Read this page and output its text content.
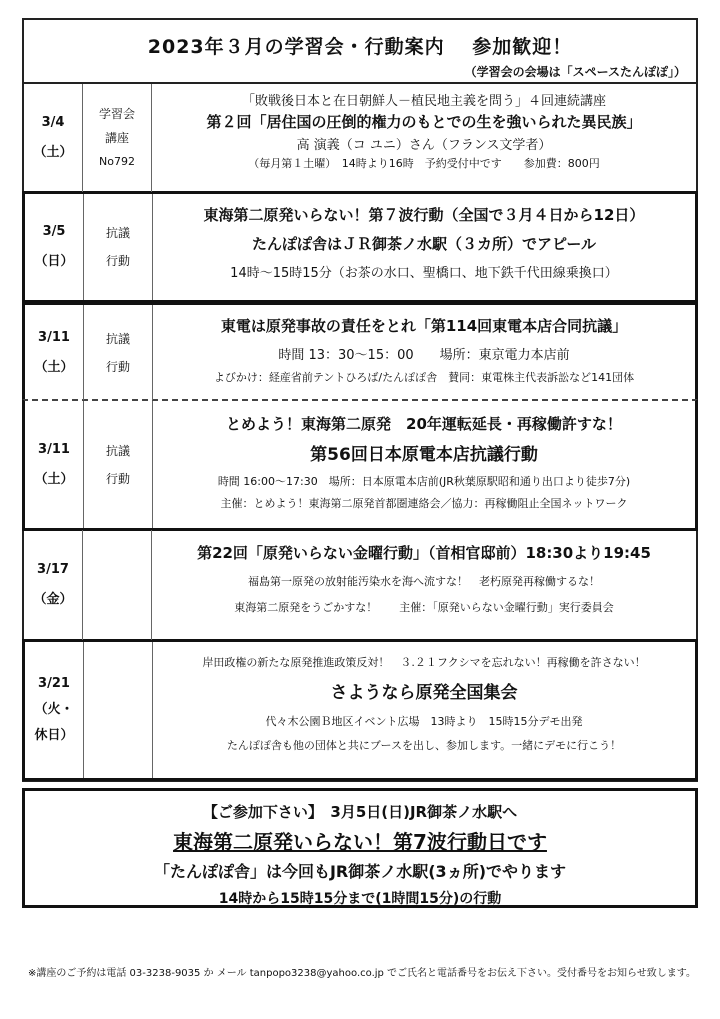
2023年３月の学習会・行動案内　 参加歓迎！
（学習会の会場は「スペースたんぽぽ」）
3/4
（土）
学習会
講座
No792
「敗戦後日本と在日朝鮮人－植民地主義を問う」４回連続講座
第２回「居住国の圧倒的権力のもとでの生を強いられた異民族」
高 演義（コ ユニ）さん（フランス文学者）
（毎月第１土曜）　14時より16時　予約受付中です　　参加費：800円
3/5
（日）
抗議
行動
東海第二原発いらない！第７波行動（全国で３月４日から12日）
たんぽぽ舎はＪＲ御茶ノ水駅（３カ所）でアピール
14時～15時15分（お茶の水口、聖橋口、地下鉄千代田線乗換口）
3/11
（土）
抗議
行動
東電は原発事故の責任をとれ「第114回東電本店合同抗議」
時間 13：30～15：00　　場所：東京電力本店前
よびかけ：経産省前テントひろば/たんぽぽ舎　賛同：東電株主代表訴訟など141団体
3/11
（土）
抗議
行動
とめよう！東海第二原発　20年運転延長・再稼働許すな！
第56回日本原電本店抗議行動
時間 16:00～17:30　場所：日本原電本店前(JR秋葉原駅昭和通り出口より徒歩7分)
主催：とめよう！東海第二原発首都圏連絡会／協力：再稼働阻止全国ネットワーク
3/17
（金）
第22回「原発いらない金曜行動」（首相官邸前）18:30より19:45
福島第一原発の放射能汚染水を海へ流すな！　老朽原発再稼働するな！
東海第二原発をうごかすな！　　主催：「原発いらない金曜行動」実行委員会
3/21
（火・
休日）
岸田政権の新たな原発推進政策反対！　３.２１フクシマを忘れない！再稼働を許さない！
さようなら原発全国集会
代々木公園Ｂ地区イベント広場　13時より　15時15分デモ出発
たんぽぽ舎も他の団体と共にブースを出し、参加します。一緒にデモに行こう！
【ご参加下さい】　3月5日(日)JR御茶ノ水駅へ
東海第二原発いらない！第7波行動日です
「たんぽぽ舎」は今回もJR御茶ノ水駅(3ヵ所)でやります
14時から15時15分まで(1時間15分)の行動
※講座のご予約は電話 03-3238-9035 か メール tanpopo3238@yahoo.co.jp でご氏名と電話番号をお伝え下さい。受付番号をお知らせ致します。
